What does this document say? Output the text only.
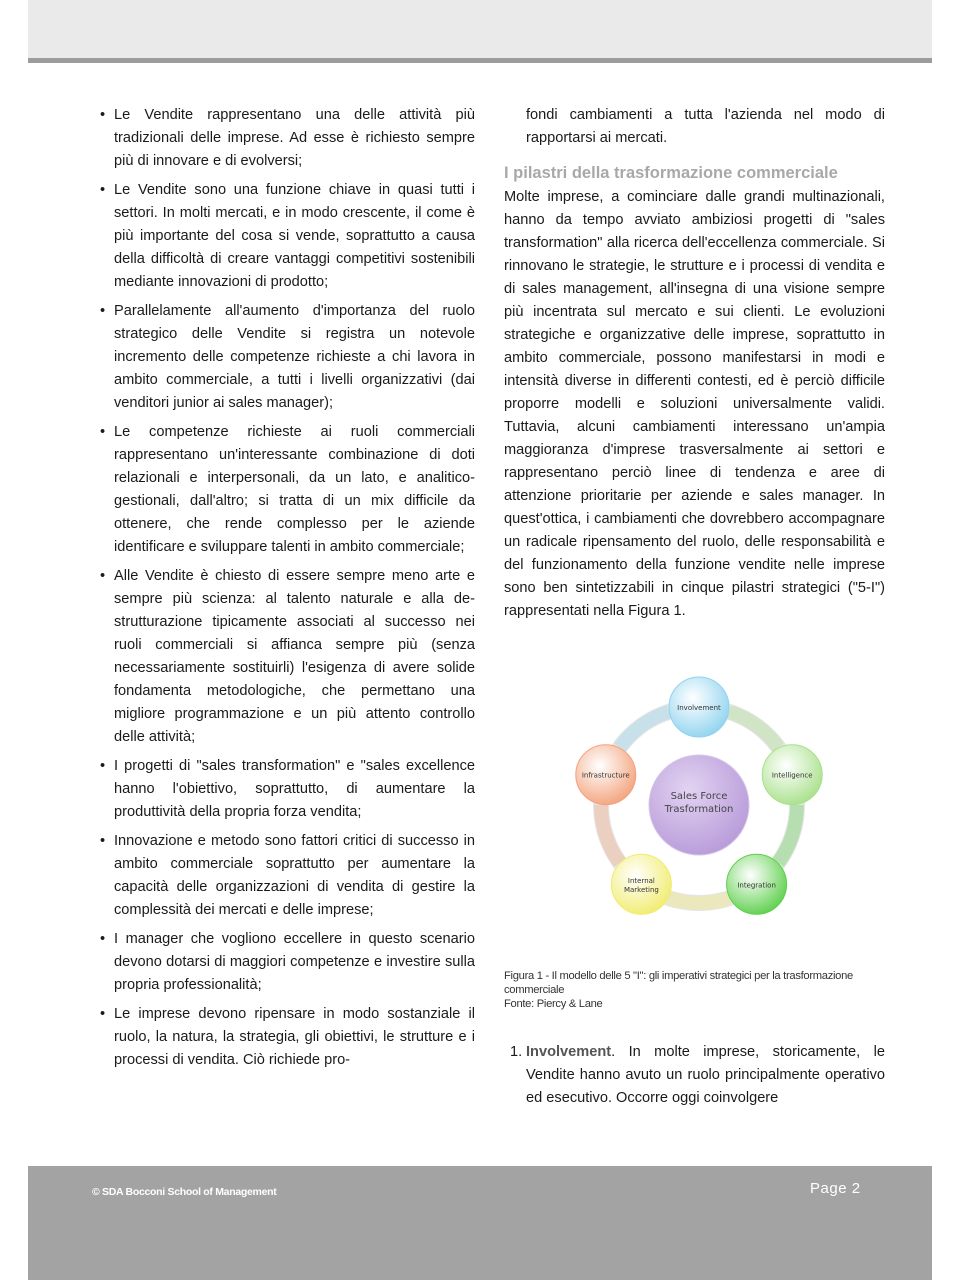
• Le Vendite rappresentano una delle attività più tradizionali delle imprese. Ad esse è richiesto sempre più di innovare e di evolversi;
• Le Vendite sono una funzione chiave in quasi tutti i settori. In molti mercati, e in modo crescente, il come è più importante del cosa si vende, soprattutto a causa della difficoltà di creare vantaggi competitivi sostenibili mediante innovazioni di prodotto;
• Parallelamente all'aumento d'importanza del ruolo strategico delle Vendite si registra un notevole incremento delle competenze richieste a chi lavora in ambito commerciale, a tutti i livelli organizzativi (dai venditori junior ai sales manager);
• Le competenze richieste ai ruoli commerciali rappresentano un'interessante combinazione di doti relazionali e interpersonali, da un lato, e analitico-gestionali, dall'altro; si tratta di un mix difficile da ottenere, che rende complesso per le aziende identificare e sviluppare talenti in ambito commerciale;
• Alle Vendite è chiesto di essere sempre meno arte e sempre più scienza: al talento naturale e alla de-strutturazione tipicamente associati al successo nei ruoli commerciali si affianca sempre più (senza necessariamente sostituirli) l'esigenza di avere solide fondamenta metodologiche, che permettano una migliore programmazione e un più attento controllo delle attività;
• I progetti di "sales transformation" e "sales excellence hanno l'obiettivo, soprattutto, di aumentare la produttività della propria forza vendita;
• Innovazione e metodo sono fattori critici di successo in ambito commerciale soprattutto per aumentare la capacità delle organizzazioni di vendita di gestire la complessità dei mercati e delle imprese;
• I manager che vogliono eccellere in questo scenario devono dotarsi di maggiori competenze e investire sulla propria professionalità;
• Le imprese devono ripensare in modo sostanziale il ruolo, la natura, la strategia, gli obiettivi, le strutture e i processi di vendita. Ciò richiede pro-

fondi cambiamenti a tutta l'azienda nel modo di rapportarsi ai mercati.

I pilastri della trasformazione commerciale

Molte imprese, a cominciare dalle grandi multinazionali, hanno da tempo avviato ambiziosi progetti di "sales transformation" alla ricerca dell'eccellenza commerciale. Si rinnovano le strategie, le strutture e i processi di vendita e di sales management, all'insegna di una visione sempre più incentrata sul mercato e sui clienti. Le evoluzioni strategiche e organizzative delle imprese, soprattutto in ambito commerciale, possono manifestarsi in modi e intensità diverse in differenti contesti, ed è perciò difficile proporre modelli e soluzioni universalmente validi. Tuttavia, alcuni cambiamenti interessano un'ampia maggioranza d'imprese trasversalmente ai settori e rappresentano perciò linee di tendenza e aree di attenzione prioritarie per aziende e sales manager. In quest'ottica, i cambiamenti che dovrebbero accompagnare un radicale ripensamento del ruolo, delle responsabilità e del funzionamento della funzione vendite nelle imprese sono ben sintetizzabili in cinque pilastri strategici ("5-I") rappresentati nella Figura 1.

Sales Force
Trasformation
Involvement
Intelligence
Integration
Internal
Marketing
Infrastructure
Figura 1 - Il modello delle 5 "I": gli imperativi strategici per la trasformazione commerciale
Fonte: Piercy & Lane
1. Involvement. In molte imprese, storicamente, le Vendite hanno avuto un ruolo principalmente operativo ed esecutivo. Occorre oggi coinvolgere
© SDA Bocconi School of Management	Page 2
